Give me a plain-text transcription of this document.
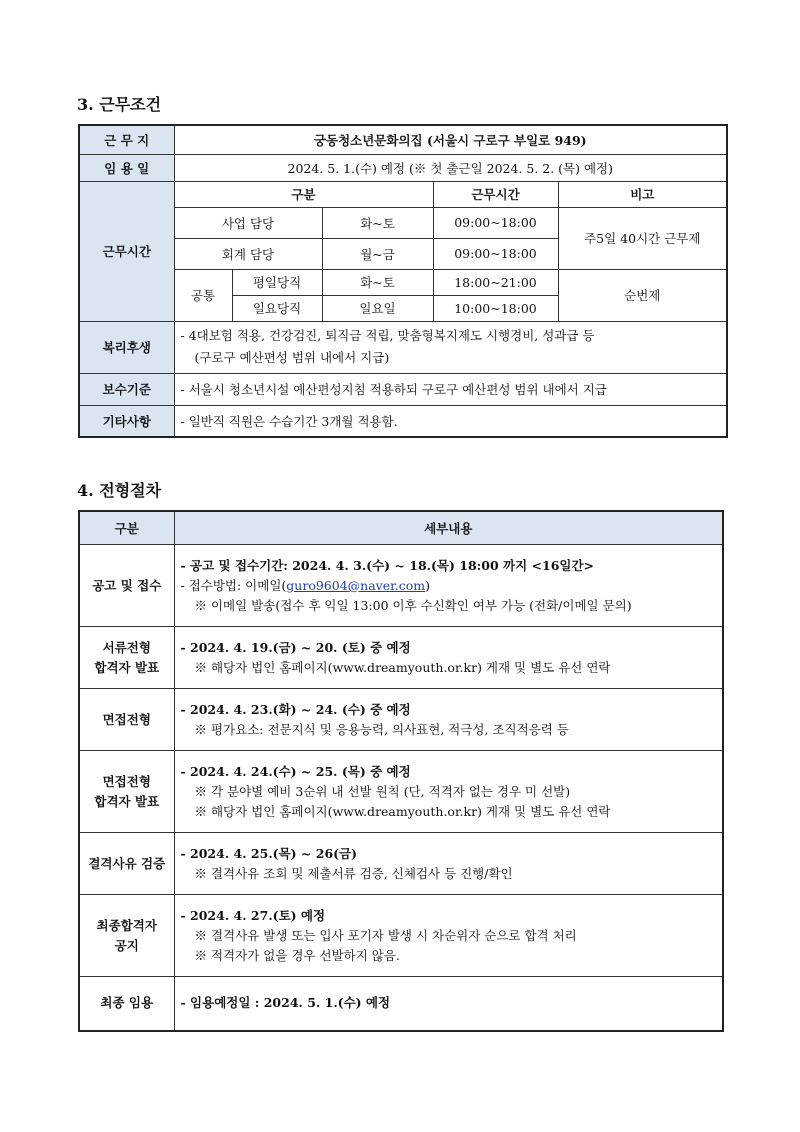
3. 근무조건
근 무 지	궁동청소년문화의집 (서울시 구로구 부일로 949)				
임 용 일	2024. 5. 1.(수) 예정 (※ 첫 출근일 2024. 5. 2. (목) 예정)				
근무시간	구분			근무시간	비고
	사업 담당		화~토	09:00~18:00	주5일 40시간 근무제
	회계 담당		월~금	09:00~18:00	
	공통	평일당직	화~토	18:00~21:00	순번제
		일요당직	일요일	10:00~18:00	
복리후생	- 4대보험 적용, 건강검진, 퇴직금 적립, 맞춤형복지제도 시행경비, 성과급 등
(구로구 예산편성 범위 내에서 지급)				

보수기준	- 서울시 청소년시설 예산편성지침 적용하되 구로구 예산편성 범위 내에서 지급				
기타사항	- 일반직 직원은 수습기간 3개월 적용함.				
4. 전형절차
구분	세부내용

공고 및 접수	- 공고 및 접수기간: 2024. 4. 3.(수) ~ 18.(목) 18:00 까지 <16일간>
- 접수방법: 이메일(guro9604@naver.com)
※ 이메일 발송(접수 후 익일 13:00 이후 수신확인 여부 가능 (전화/이메일 문의)

서류전형
합격자 발표	- 2024. 4. 19.(금) ~ 20. (토) 중 예정
※ 해당자 법인 홈페이지(www.dreamyouth.or.kr) 게재 및 별도 유선 연락

면접전형	- 2024. 4. 23.(화) ~ 24. (수) 중 예정
※ 평가요소: 전문지식 및 응용능력, 의사표현, 적극성, 조직적응력 등

면접전형
합격자 발표	- 2024. 4. 24.(수) ~ 25. (목) 중 예정
※ 각 분야별 예비 3순위 내 선발 원칙 (단, 적격자 없는 경우 미 선발)
※ 해당자 법인 홈페이지(www.dreamyouth.or.kr) 게재 및 별도 유선 연락

결격사유 검증	- 2024. 4. 25.(목) ~ 26(금)
※ 결격사유 조회 및 제출서류 검증, 신체검사 등 진행/확인

최종합격자
공지	- 2024. 4. 27.(토) 예정
※ 결격사유 발생 또는 입사 포기자 발생 시 차순위자 순으로 합격 처리
※ 적격자가 없을 경우 선발하지 않음.

최종 임용	- 임용예정일 : 2024. 5. 1.(수) 예정
